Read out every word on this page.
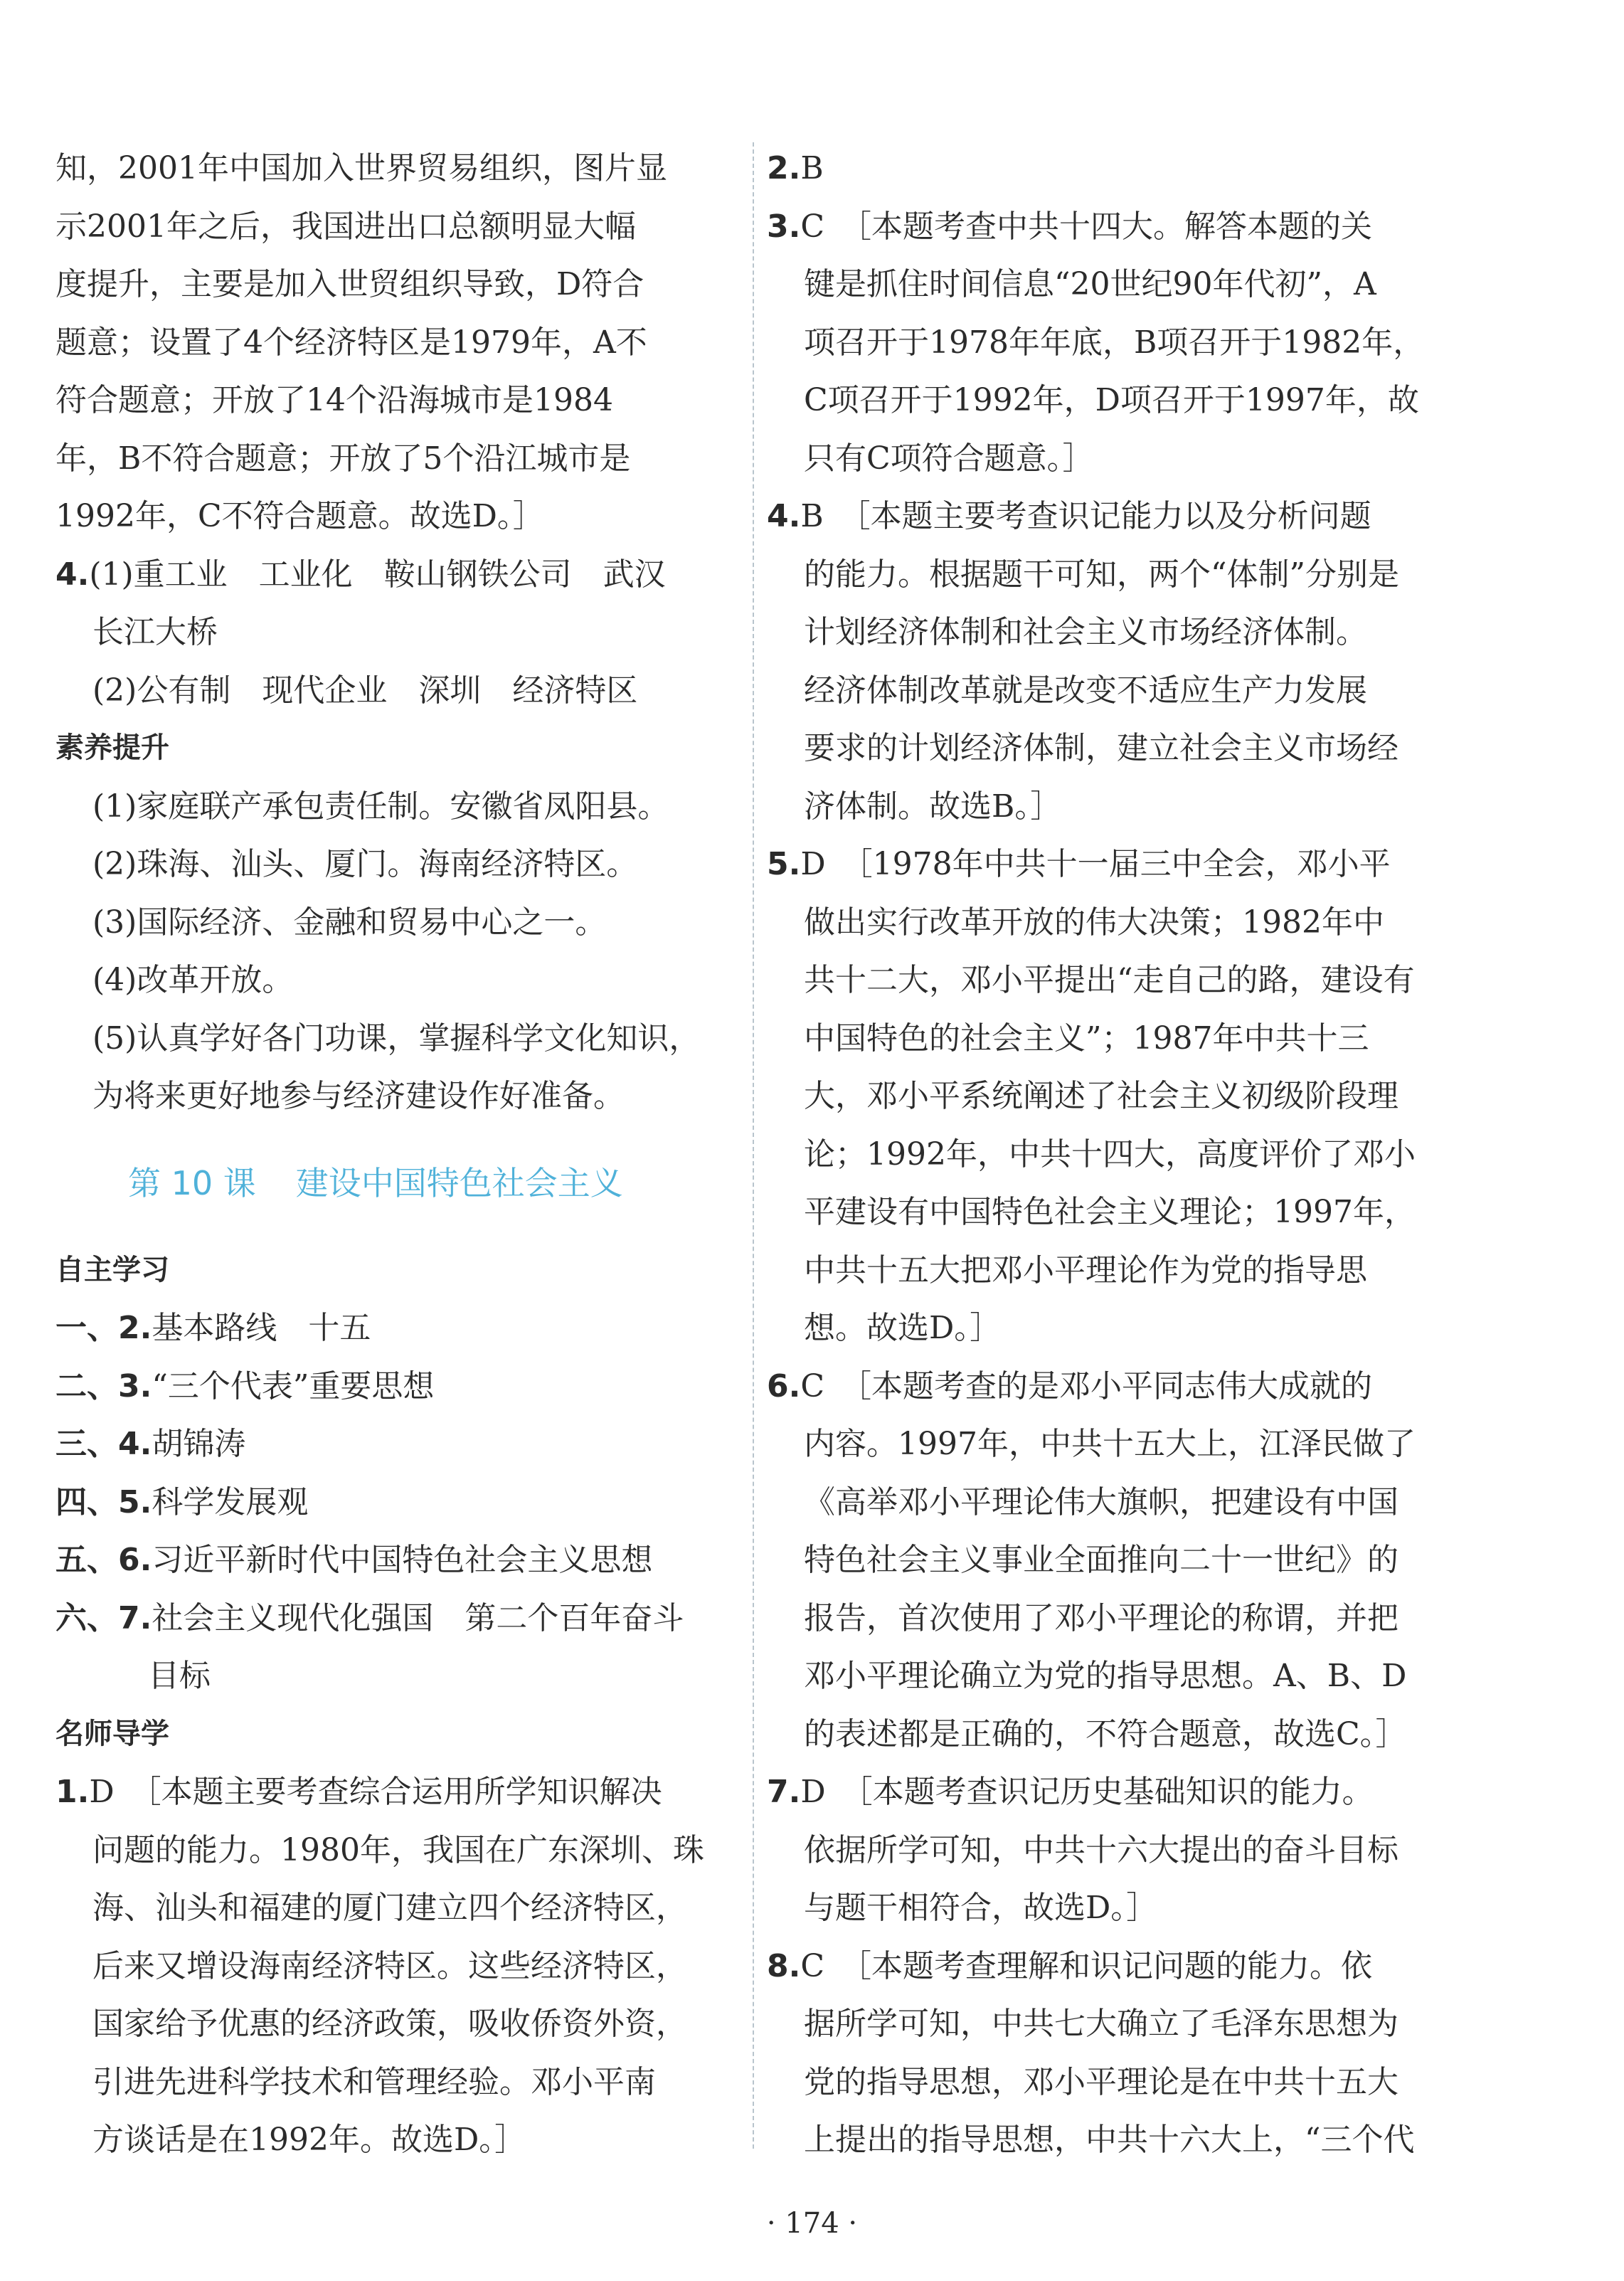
知，2001年中国加入世界贸易组织，图片显
示2001年之后，我国进出口总额明显大幅
度提升，主要是加入世贸组织导致，D符合
题意；设置了4个经济特区是1979年，A不
符合题意；开放了14个沿海城市是1984
年，B不符合题意；开放了5个沿江城市是
1992年，C不符合题意。故选D。］
4.(1)重工业　工业化　鞍山钢铁公司　武汉
长江大桥
(2)公有制　现代企业　深圳　经济特区
素养提升
(1)家庭联产承包责任制。安徽省凤阳县。
(2)珠海、汕头、厦门。海南经济特区。
(3)国际经济、金融和贸易中心之一。
(4)改革开放。
(5)认真学好各门功课，掌握科学文化知识，
为将来更好地参与经济建设作好准备。
第 10 课 建设中国特色社会主义
自主学习
一、2.基本路线　十五
二、3.“三个代表”重要思想
三、4.胡锦涛
四、5.科学发展观
五、6.习近平新时代中国特色社会主义思想
六、7.社会主义现代化强国　第二个百年奋斗
目标
名师导学
1.D　［本题主要考查综合运用所学知识解决
问题的能力。1980年，我国在广东深圳、珠
海、汕头和福建的厦门建立四个经济特区，
后来又增设海南经济特区。这些经济特区，
国家给予优惠的经济政策，吸收侨资外资，
引进先进科学技术和管理经验。邓小平南
方谈话是在1992年。故选D。］
2.B
3.C　［本题考查中共十四大。解答本题的关
键是抓住时间信息“20世纪90年代初”，A
项召开于1978年年底，B项召开于1982年，
C项召开于1992年，D项召开于1997年，故
只有C项符合题意。］
4.B　［本题主要考查识记能力以及分析问题
的能力。根据题干可知，两个“体制”分别是
计划经济体制和社会主义市场经济体制。
经济体制改革就是改变不适应生产力发展
要求的计划经济体制，建立社会主义市场经
济体制。故选B。］
5.D　［1978年中共十一届三中全会，邓小平
做出实行改革开放的伟大决策；1982年中
共十二大，邓小平提出“走自己的路，建设有
中国特色的社会主义”；1987年中共十三
大，邓小平系统阐述了社会主义初级阶段理
论；1992年，中共十四大，高度评价了邓小
平建设有中国特色社会主义理论；1997年，
中共十五大把邓小平理论作为党的指导思
想。故选D。］
6.C　［本题考查的是邓小平同志伟大成就的
内容。1997年，中共十五大上，江泽民做了
《高举邓小平理论伟大旗帜，把建设有中国
特色社会主义事业全面推向二十一世纪》的
报告，首次使用了邓小平理论的称谓，并把
邓小平理论确立为党的指导思想。A、B、D
的表述都是正确的，不符合题意，故选C。］
7.D　［本题考查识记历史基础知识的能力。
依据所学可知，中共十六大提出的奋斗目标
与题干相符合，故选D。］
8.C　［本题考查理解和识记问题的能力。依
据所学可知，中共七大确立了毛泽东思想为
党的指导思想，邓小平理论是在中共十五大
上提出的指导思想，中共十六大上，“三个代
· 174 ·
